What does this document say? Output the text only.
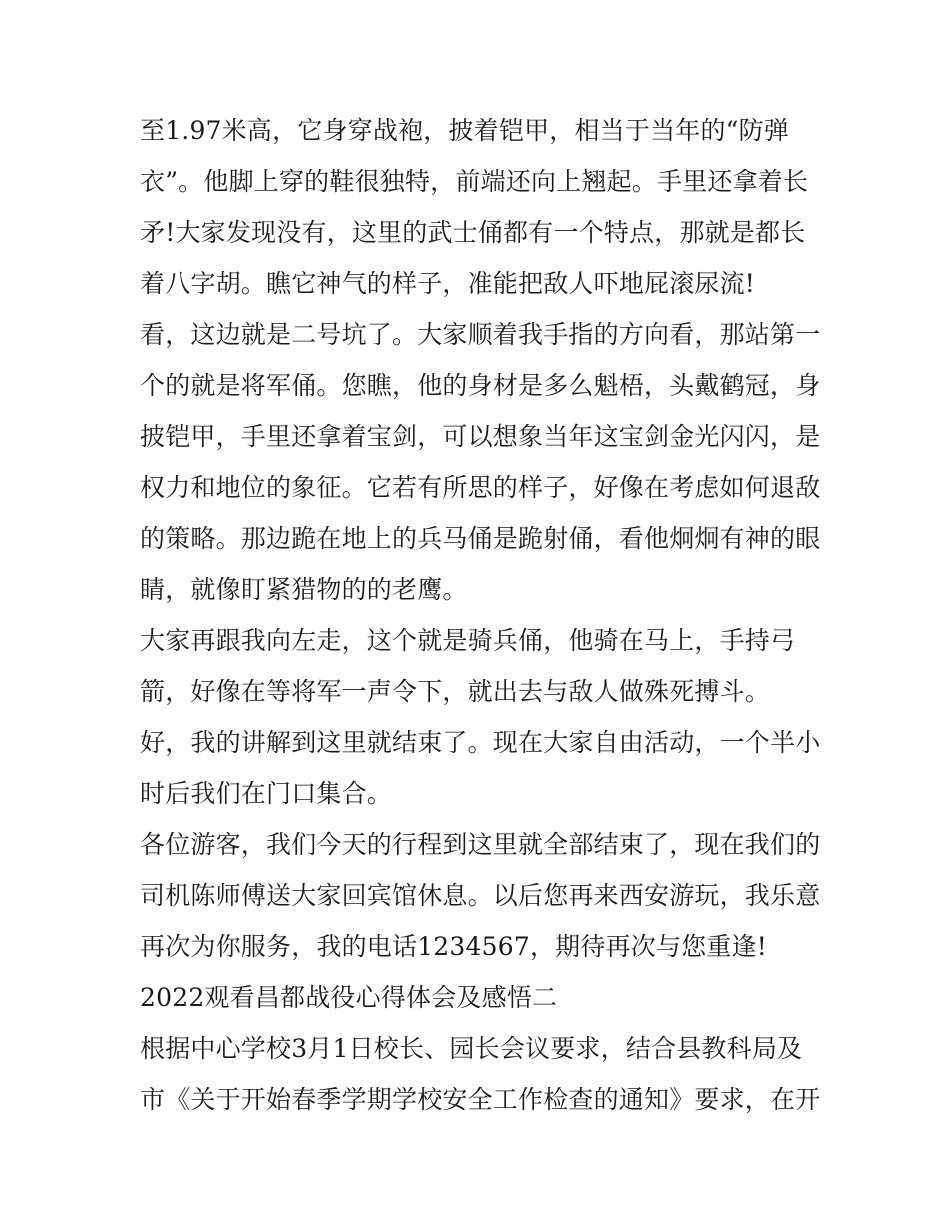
至1.97米高，它身穿战袍，披着铠甲，相当于当年的“防弹
衣”。他脚上穿的鞋很独特，前端还向上翘起。手里还拿着长
矛!大家发现没有，这里的武士俑都有一个特点，那就是都长
着八字胡。瞧它神气的样子，准能把敌人吓地屁滚尿流!
看，这边就是二号坑了。大家顺着我手指的方向看，那站第一
个的就是将军俑。您瞧，他的身材是多么魁梧，头戴鹤冠，身
披铠甲，手里还拿着宝剑，可以想象当年这宝剑金光闪闪，是
权力和地位的象征。它若有所思的样子，好像在考虑如何退敌
的策略。那边跪在地上的兵马俑是跪射俑，看他炯炯有神的眼
睛，就像盯紧猎物的的老鹰。
大家再跟我向左走，这个就是骑兵俑，他骑在马上，手持弓
箭，好像在等将军一声令下，就出去与敌人做殊死搏斗。
好，我的讲解到这里就结束了。现在大家自由活动，一个半小
时后我们在门口集合。
各位游客，我们今天的行程到这里就全部结束了，现在我们的
司机陈师傅送大家回宾馆休息。以后您再来西安游玩，我乐意
再次为你服务，我的电话1234567，期待再次与您重逢!
2022观看昌都战役心得体会及感悟二
根据中心学校3月1日校长、园长会议要求，结合县教科局及
市《关于开始春季学期学校安全工作检查的通知》要求，在开
